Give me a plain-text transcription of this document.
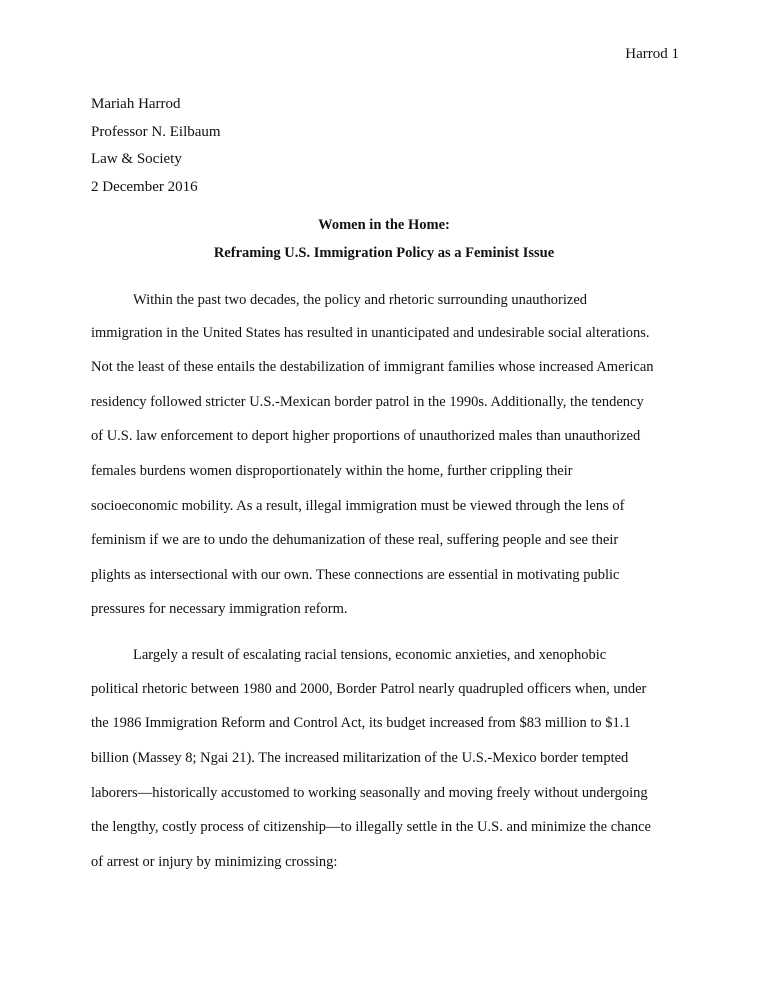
Harrod 1
Mariah Harrod
Professor N. Eilbaum
Law & Society
2 December 2016
Women in the Home:
Reframing U.S. Immigration Policy as a Feminist Issue
Within the past two decades, the policy and rhetoric surrounding unauthorized
immigration in the United States has resulted in unanticipated and undesirable social alterations.
Not the least of these entails the destabilization of immigrant families whose increased American
residency followed stricter U.S.-Mexican border patrol in the 1990s. Additionally, the tendency
of U.S. law enforcement to deport higher proportions of unauthorized males than unauthorized
females burdens women disproportionately within the home, further crippling their
socioeconomic mobility. As a result, illegal immigration must be viewed through the lens of
feminism if we are to undo the dehumanization of these real, suffering people and see their
plights as intersectional with our own. These connections are essential in motivating public
pressures for necessary immigration reform.
Largely a result of escalating racial tensions, economic anxieties, and xenophobic
political rhetoric between 1980 and 2000, Border Patrol nearly quadrupled officers when, under
the 1986 Immigration Reform and Control Act, its budget increased from $83 million to $1.1
billion (Massey 8; Ngai 21). The increased militarization of the U.S.-Mexico border tempted
laborers—historically accustomed to working seasonally and moving freely without undergoing
the lengthy, costly process of citizenship—to illegally settle in the U.S. and minimize the chance
of arrest or injury by minimizing crossing:
